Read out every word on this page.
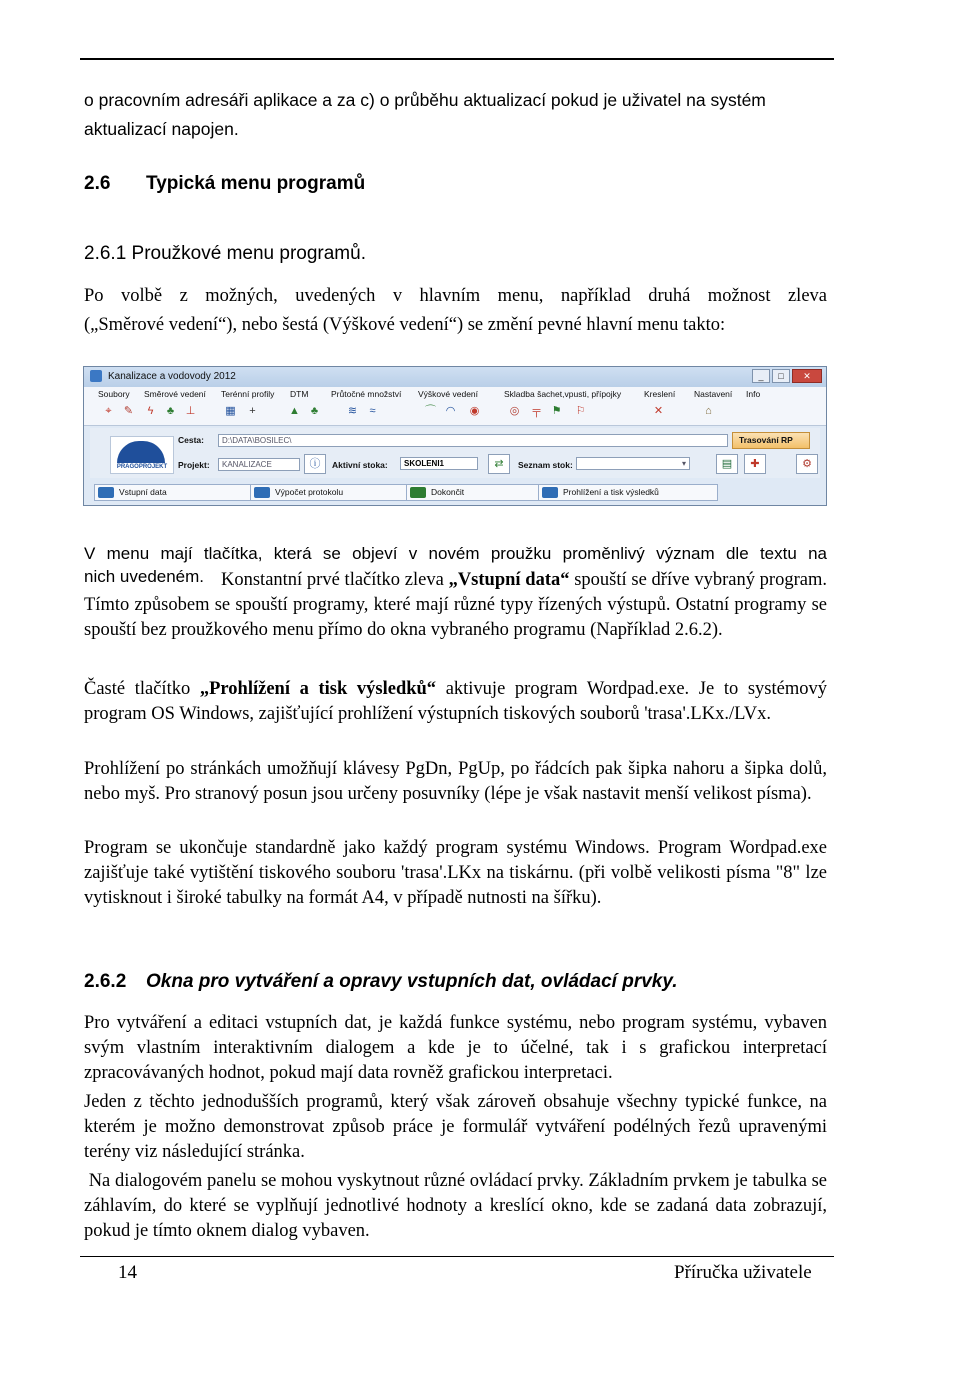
o pracovním adresáři aplikace a za c) o průběhu aktualizací pokud je uživatel na systém
aktualizací napojen.
2.6 Typická menu programů
2.6.1 Proužkové menu programů.
Po volbě z možných, uvedených v hlavním menu, například druhá možnost zleva
(„Směrové vedení“), nebo šestá (Výškové vedení“) se změní pevné hlavní menu takto:
Kanalizace a vodovody 2012	_	□	✕
Soubory Směrové vedení Terénní profily DTM	Průtočné množství Výškové vedení	Skladba šachet,vpusti, přípojky	Kreslení Nastavení Info
⌖	✎	ϟ	♣ ⊥	▦ +	▲ ♣	≋	≈	⌒ ◠ ◉	◎ ╤ ⚑ ⚐	✕	⌂
PRAGOPROJEKT
Cesta:	D:\DATA\BOSILEC\	Trasování RP
Projekt:	KANALIZACE	ⓘ	Aktivní stoka:	SKOLENI1	⇄	Seznam stok:	▾	▤	✚	⚙
Vstupní data	Výpočet protokolu	Dokončit	Prohlížení a tisk výsledků
V menu mají tlačítka, která se objeví v novém proužku proměnlivý význam dle textu na
nich uvedeném. Konstantní prvé tlačítko zleva „Vstupní data“ spouští se dříve vybraný program. Tímto způsobem se spouští programy, které mají různé typy řízených výstupů. Ostatní programy se spouští bez proužkového menu přímo do okna vybraného programu (Například 2.6.2).
Časté tlačítko „Prohlížení a tisk výsledků“ aktivuje program Wordpad.exe. Je to systémový program OS Windows, zajišťující prohlížení výstupních tiskových souborů 'trasa'.LKx./LVx.
Prohlížení po stránkách umožňují klávesy PgDn, PgUp, po řádcích pak šipka nahoru a šipka dolů, nebo myš. Pro stranový posun jsou určeny posuvníky (lépe je však nastavit menší velikost písma).
Program se ukončuje standardně jako každý program systému Windows. Program Wordpad.exe zajišťuje také vytištění tiskového souboru 'trasa'.LKx na tiskárnu. (při volbě velikosti písma "8" lze vytisknout i široké tabulky na formát A4, v případě nutnosti na šířku).
2.6.2 Okna pro vytváření a opravy vstupních dat, ovládací prvky.
Pro vytváření a editaci vstupních dat, je každá funkce systému, nebo program systému, vybaven svým vlastním interaktivním dialogem a kde je to účelné, tak i s grafickou interpretací zpracovávaných hodnot, pokud mají data rovněž grafickou interpretaci.
Jeden z těchto jednodušších programů, který však zároveň obsahuje všechny typické funkce, na kterém je možno demonstrovat způsob práce je formulář vytváření podélných řezů upravenými terény viz následující stránka.
Na dialogovém panelu se mohou vyskytnout různé ovládací prvky. Základním prvkem je tabulka se záhlavím, do které se vyplňují jednotlivé hodnoty a kreslící okno, kde se zadaná data zobrazují, pokud je tímto oknem dialog vybaven.
14	Příručka uživatele
